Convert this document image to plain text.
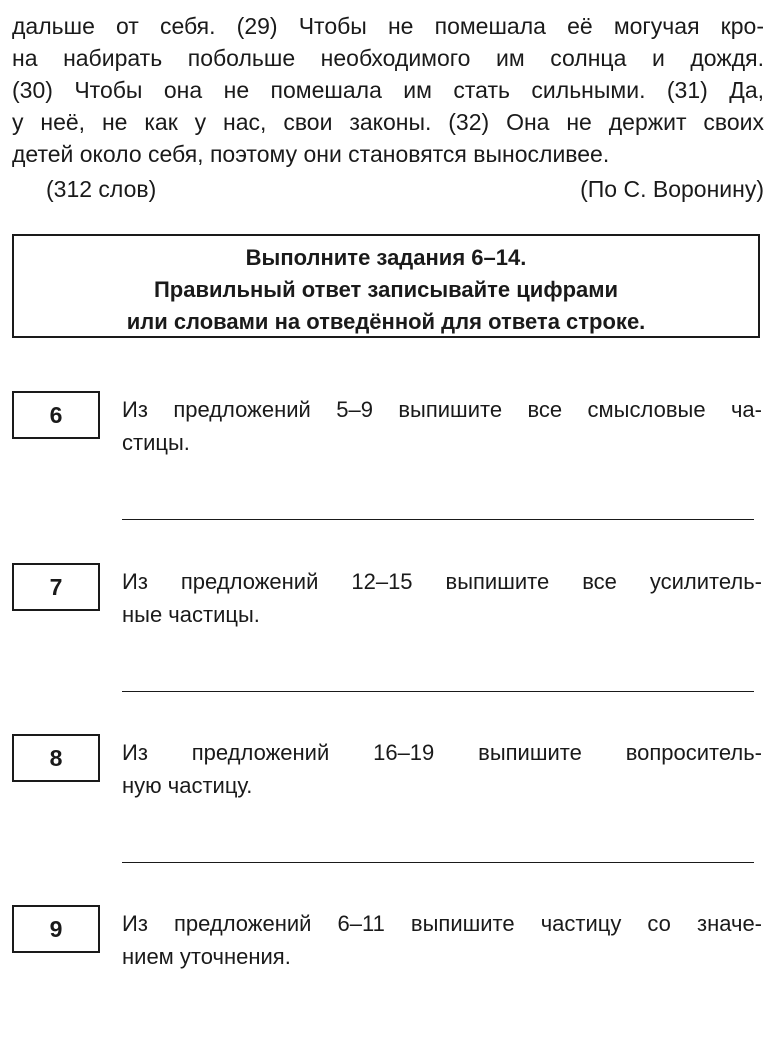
дальше от себя. (29) Чтобы не помешала её могучая кро-
на набирать побольше необходимого им солнца и дождя.
(30) Чтобы она не помешала им стать сильными. (31) Да,
у неё, не как у нас, свои законы. (32) Она не держит своих
детей около себя, поэтому они становятся выносливее.
(312 слов)	(По С. Воронину)
Выполните задания 6–14.
Правильный ответ записывайте цифрами
или словами на отведённой для ответа строке.
6	Из предложений 5–9 выпишите все смысловые ча-
стицы.
7	Из предложений 12–15 выпишите все усилитель-
ные частицы.
8	Из предложений 16–19 выпишите вопроситель-
ную частицу.
9	Из предложений 6–11 выпишите частицу со значе-
нием уточнения.
